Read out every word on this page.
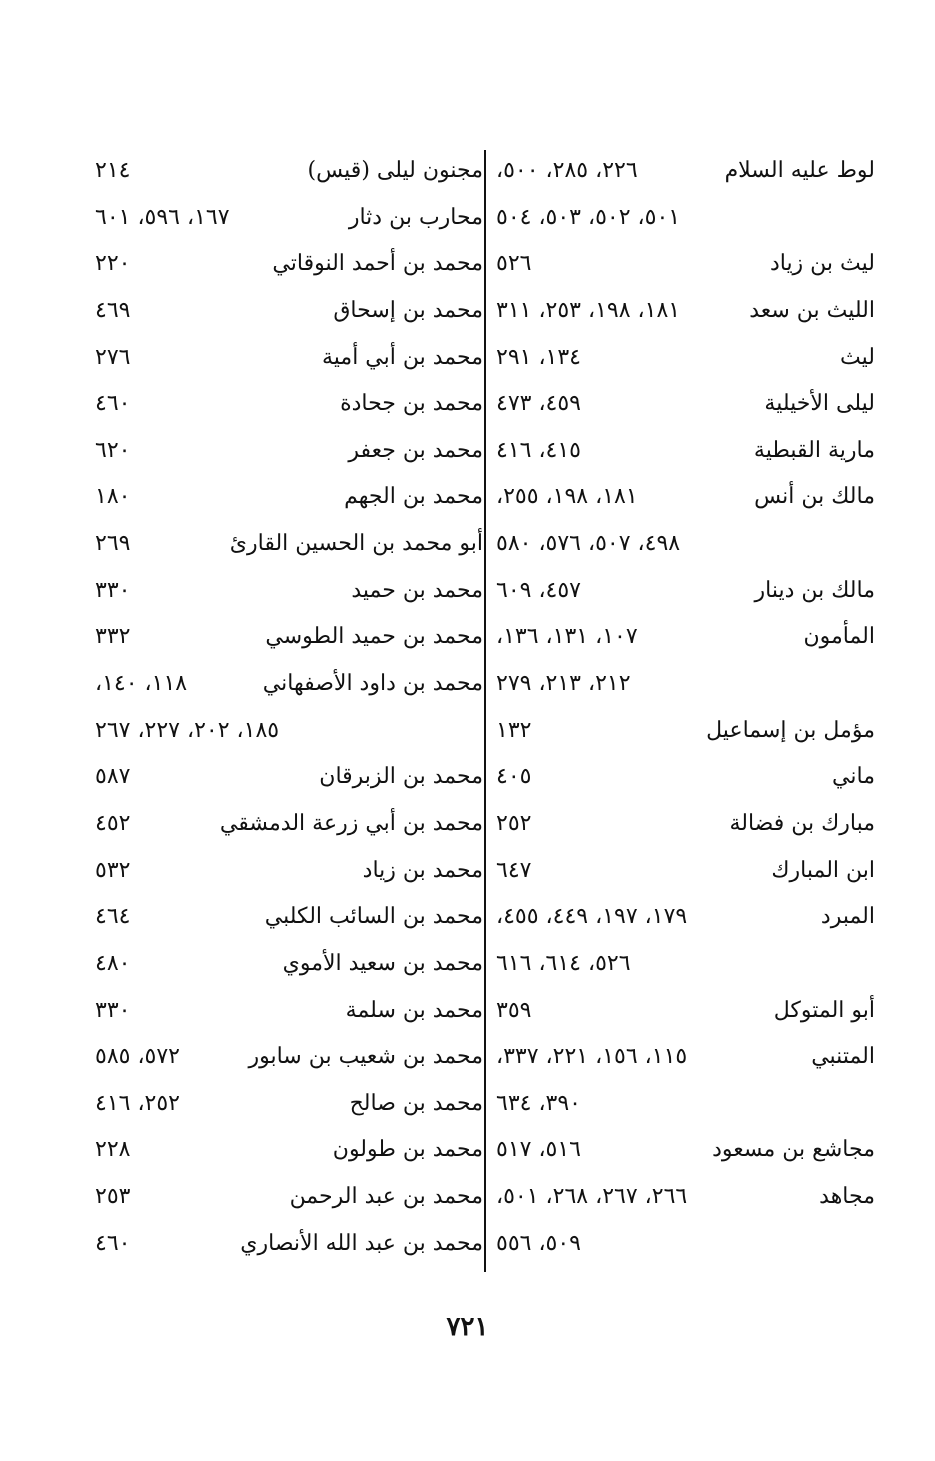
لوط عليه السلام
٢٢٦، ٢٨٥، ٥٠٠،
٥٠١، ٥٠٢، ٥٠٣، ٥٠٤
ليث بن زياد
٥٢٦
الليث بن سعد
١٨١، ١٩٨، ٢٥٣، ٣١١
ليث
١٣٤، ٢٩١
ليلى الأخيلية
٤٥٩، ٤٧٣
مارية القبطية
٤١٥، ٤١٦
مالك بن أنس
١٨١، ١٩٨، ٢٥٥،
٤٩٨، ٥٠٧، ٥٧٦، ٥٨٠
مالك بن دينار
٤٥٧، ٦٠٩
المأمون
١٠٧، ١٣١، ١٣٦،
٢١٢، ٢١٣، ٢٧٩
مؤمل بن إسماعيل
١٣٢
ماني
٤٠٥
مبارك بن فضالة
٢٥٢
ابن المبارك
٦٤٧
المبرد
١٧٩، ١٩٧، ٤٤٩، ٤٥٥،
٥٢٦، ٦١٤، ٦١٦
أبو المتوكل
٣٥٩
المتنبي
١١٥، ١٥٦، ٢٢١، ٣٣٧،
٣٩٠، ٦٣٤
مجاشع بن مسعود
٥١٦، ٥١٧
مجاهد
٢٦٦، ٢٦٧، ٢٦٨، ٥٠١،
٥٠٩، ٥٥٦
مجنون ليلى (قيس)
٢١٤
محارب بن دثار
١٦٧، ٥٩٦، ٦٠١
محمد بن أحمد النوقاتي
٢٢٠
محمد بن إسحاق
٤٦٩
محمد بن أبي أمية
٢٧٦
محمد بن جحادة
٤٦٠
محمد بن جعفر
٦٢٠
محمد بن الجهم
١٨٠
أبو محمد بن الحسين القارئ
٢٦٩
محمد بن حميد
٣٣٠
محمد بن حميد الطوسي
٣٣٢
محمد بن داود الأصفهاني
١١٨، ١٤٠،
١٨٥، ٢٠٢، ٢٢٧، ٢٦٧
محمد بن الزبرقان
٥٨٧
محمد بن أبي زرعة الدمشقي
٤٥٢
محمد بن زياد
٥٣٢
محمد بن السائب الكلبي
٤٦٤
محمد بن سعيد الأموي
٤٨٠
محمد بن سلمة
٣٣٠
محمد بن شعيب بن سابور
٥٧٢، ٥٨٥
محمد بن صالح
٢٥٢، ٤١٦
محمد بن طولون
٢٢٨
محمد بن عبد الرحمن
٢٥٣
محمد بن عبد الله الأنصاري
٤٦٠
٧٢١
